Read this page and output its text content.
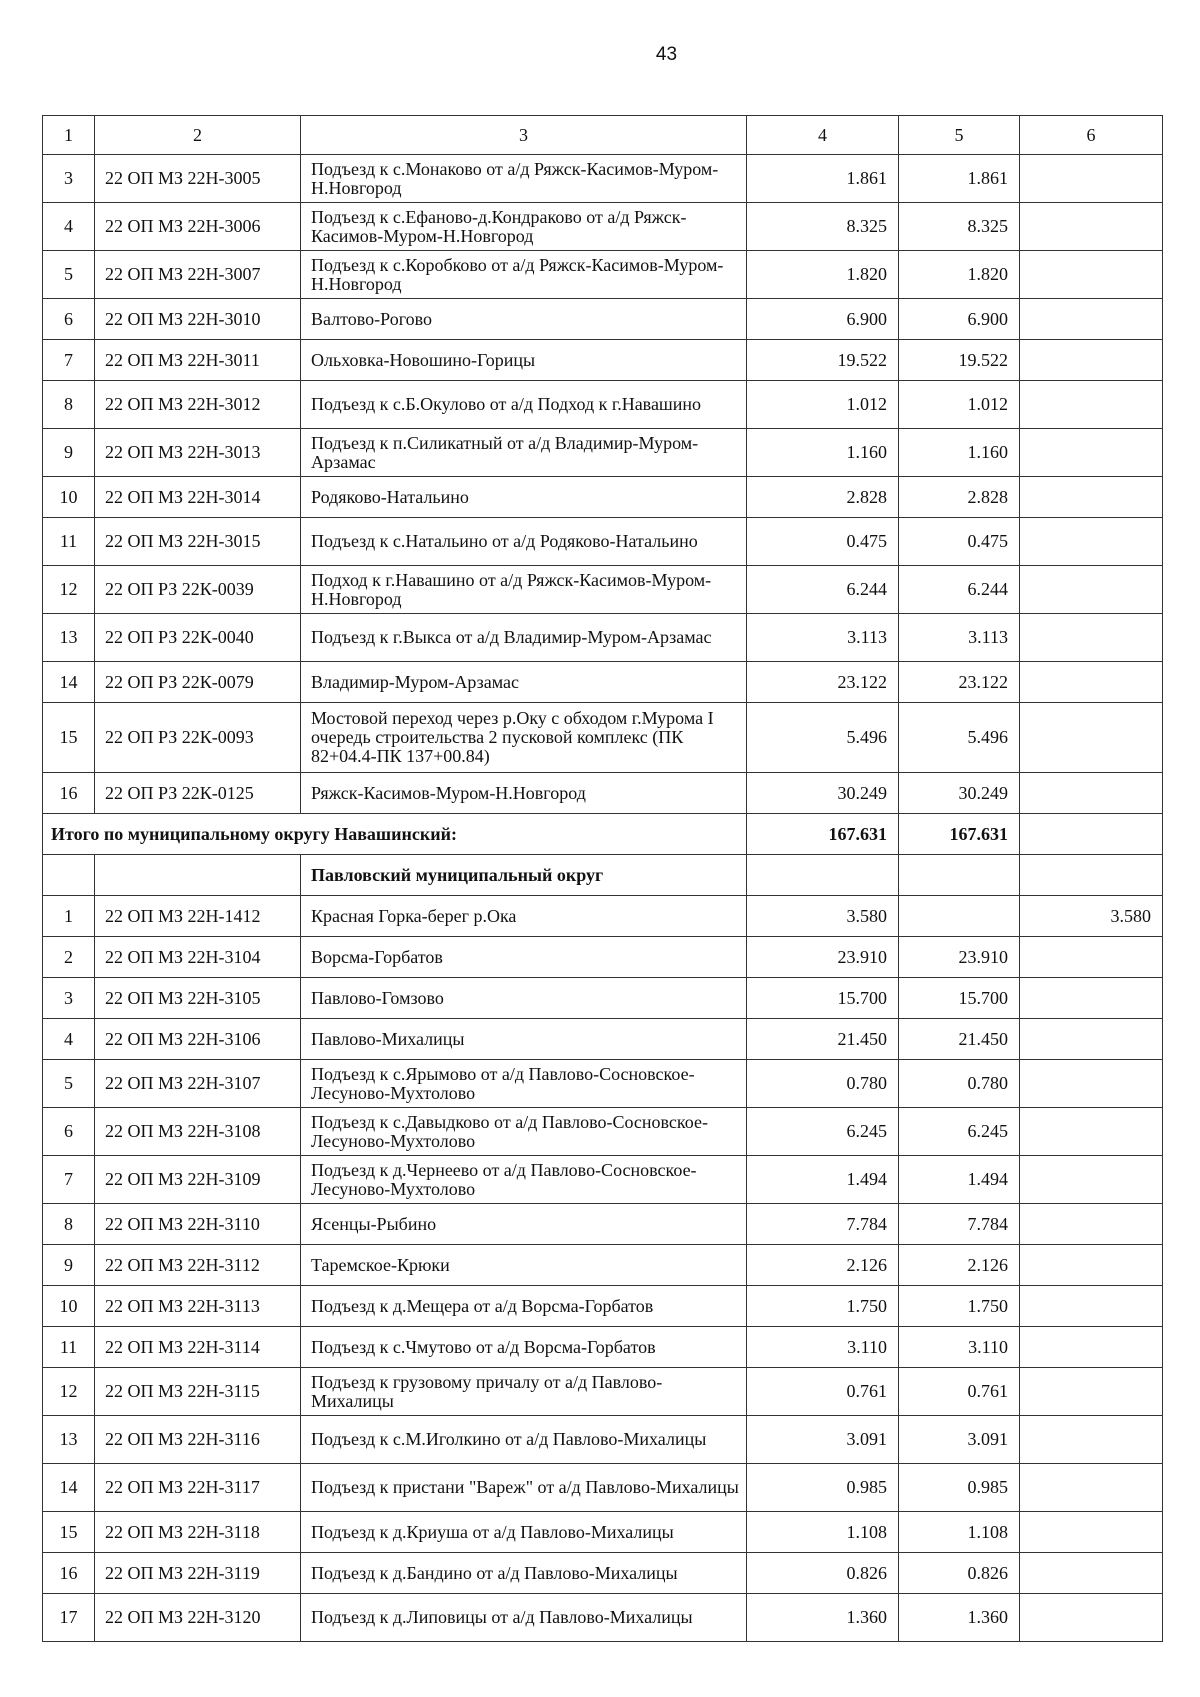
43
1	2	3	4	5	6
3	22 ОП МЗ 22Н-3005	Подъезд к с.Монаково от а/д Ряжск-Касимов-Муром-Н.Новгород	1.861	1.861	
4	22 ОП МЗ 22Н-3006	Подъезд к с.Ефаново-д.Кондраково от а/д Ряжск-Касимов-Муром-Н.Новгород	8.325	8.325	
5	22 ОП МЗ 22Н-3007	Подъезд к с.Коробково от а/д Ряжск-Касимов-Муром-Н.Новгород	1.820	1.820	
6	22 ОП МЗ 22Н-3010	Валтово-Рогово	6.900	6.900	
7	22 ОП МЗ 22Н-3011	Ольховка-Новошино-Горицы	19.522	19.522	
8	22 ОП МЗ 22Н-3012	Подъезд к с.Б.Окулово от а/д Подход к г.Навашино	1.012	1.012	
9	22 ОП МЗ 22Н-3013	Подъезд к п.Силикатный от а/д Владимир-Муром-Арзамас	1.160	1.160	
10	22 ОП МЗ 22Н-3014	Родяково-Натальино	2.828	2.828	
11	22 ОП МЗ 22Н-3015	Подъезд к с.Натальино от а/д Родяково-Натальино	0.475	0.475	
12	22 ОП РЗ 22К-0039	Подход к г.Навашино от а/д Ряжск-Касимов-Муром-Н.Новгород	6.244	6.244	
13	22 ОП РЗ 22К-0040	Подъезд к г.Выкса от а/д Владимир-Муром-Арзамас	3.113	3.113	
14	22 ОП РЗ 22К-0079	Владимир-Муром-Арзамас	23.122	23.122	
15	22 ОП РЗ 22К-0093	Мостовой переход через р.Оку с обходом г.Мурома I очередь строительства 2 пусковой комплекс (ПК 82+04.4-ПК 137+00.84)	5.496	5.496	
16	22 ОП РЗ 22К-0125	Ряжск-Касимов-Муром-Н.Новгород	30.249	30.249	
Итого по муниципальному округу Навашинский:			167.631	167.631	
		Павловский муниципальный округ			
1	22 ОП МЗ 22Н-1412	Красная Горка-берег р.Ока	3.580		3.580
2	22 ОП МЗ 22Н-3104	Ворсма-Горбатов	23.910	23.910	
3	22 ОП МЗ 22Н-3105	Павлово-Гомзово	15.700	15.700	
4	22 ОП МЗ 22Н-3106	Павлово-Михалицы	21.450	21.450	
5	22 ОП МЗ 22Н-3107	Подъезд к с.Ярымово от а/д Павлово-Сосновское-Лесуново-Мухтолово	0.780	0.780	
6	22 ОП МЗ 22Н-3108	Подъезд к с.Давыдково от а/д Павлово-Сосновское-Лесуново-Мухтолово	6.245	6.245	
7	22 ОП МЗ 22Н-3109	Подъезд к д.Чернеево от а/д Павлово-Сосновское-Лесуново-Мухтолово	1.494	1.494	
8	22 ОП МЗ 22Н-3110	Ясенцы-Рыбино	7.784	7.784	
9	22 ОП МЗ 22Н-3112	Таремское-Крюки	2.126	2.126	
10	22 ОП МЗ 22Н-3113	Подъезд к д.Мещера от а/д Ворсма-Горбатов	1.750	1.750	
11	22 ОП МЗ 22Н-3114	Подъезд к с.Чмутово от а/д Ворсма-Горбатов	3.110	3.110	
12	22 ОП МЗ 22Н-3115	Подъезд к грузовому причалу от а/д Павлово-Михалицы	0.761	0.761	
13	22 ОП МЗ 22Н-3116	Подъезд к с.М.Иголкино от а/д Павлово-Михалицы	3.091	3.091	
14	22 ОП МЗ 22Н-3117	Подъезд к пристани "Вареж" от а/д Павлово-Михалицы	0.985	0.985	
15	22 ОП МЗ 22Н-3118	Подъезд к д.Криуша от а/д Павлово-Михалицы	1.108	1.108	
16	22 ОП МЗ 22Н-3119	Подъезд к д.Бандино от а/д Павлово-Михалицы	0.826	0.826	
17	22 ОП МЗ 22Н-3120	Подъезд к д.Липовицы от а/д Павлово-Михалицы	1.360	1.360	
